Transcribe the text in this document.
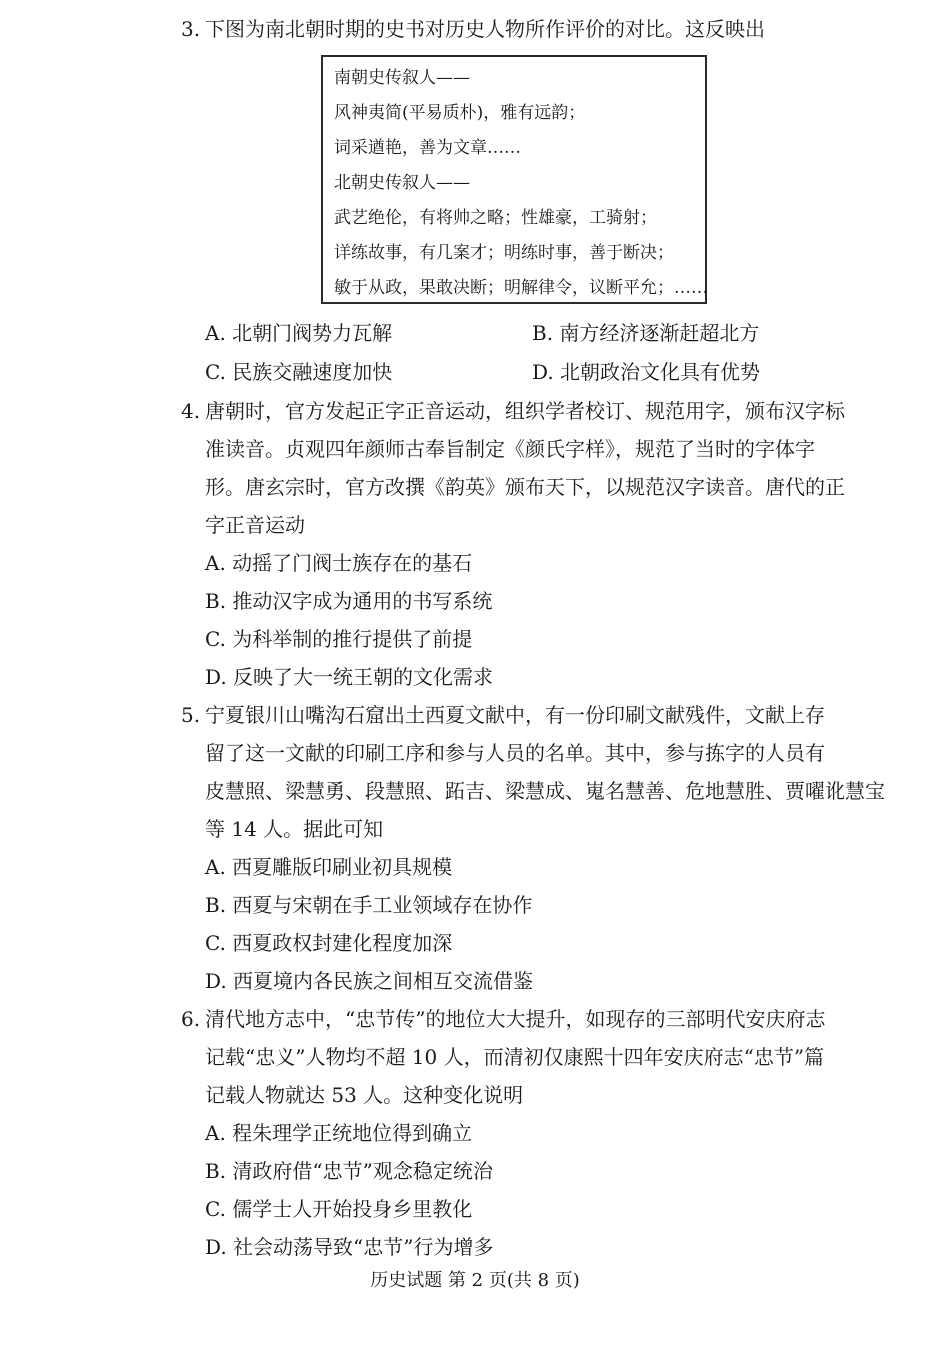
3. 下图为南北朝时期的史书对历史人物所作评价的对比。这反映出
南朝史传叙人——
风神夷简(平易质朴)，雅有远韵；
词采遒艳，善为文章……
北朝史传叙人——
武艺绝伦，有将帅之略；性雄豪，工骑射；
详练故事，有几案才；明练时事，善于断决；
敏于从政，果敢决断；明解律令，议断平允；……
A. 北朝门阀势力瓦解	B. 南方经济逐渐赶超北方
C. 民族交融速度加快	D. 北朝政治文化具有优势
4. 唐朝时，官方发起正字正音运动，组织学者校订、规范用字，颁布汉字标
准读音。贞观四年颜师古奉旨制定《颜氏字样》，规范了当时的字体字
形。唐玄宗时，官方改撰《韵英》颁布天下，以规范汉字读音。唐代的正
字正音运动
A. 动摇了门阀士族存在的基石
B. 推动汉字成为通用的书写系统
C. 为科举制的推行提供了前提
D. 反映了大一统王朝的文化需求
5. 宁夏银川山嘴沟石窟出土西夏文献中，有一份印刷文献残件，文献上存
留了这一文献的印刷工序和参与人员的名单。其中，参与拣字的人员有
皮慧照、梁慧勇、段慧照、跖吉、梁慧成、嵬名慧善、危地慧胜、贾嚁讹慧宝
等 14 人。据此可知
A. 西夏雕版印刷业初具规模
B. 西夏与宋朝在手工业领域存在协作
C. 西夏政权封建化程度加深
D. 西夏境内各民族之间相互交流借鉴
6. 清代地方志中，“忠节传”的地位大大提升，如现存的三部明代安庆府志
记载“忠义”人物均不超 10 人，而清初仅康熙十四年安庆府志“忠节”篇
记载人物就达 53 人。这种变化说明
A. 程朱理学正统地位得到确立
B. 清政府借“忠节”观念稳定统治
C. 儒学士人开始投身乡里教化
D. 社会动荡导致“忠节”行为增多
历史试题 第 2 页(共 8 页)
